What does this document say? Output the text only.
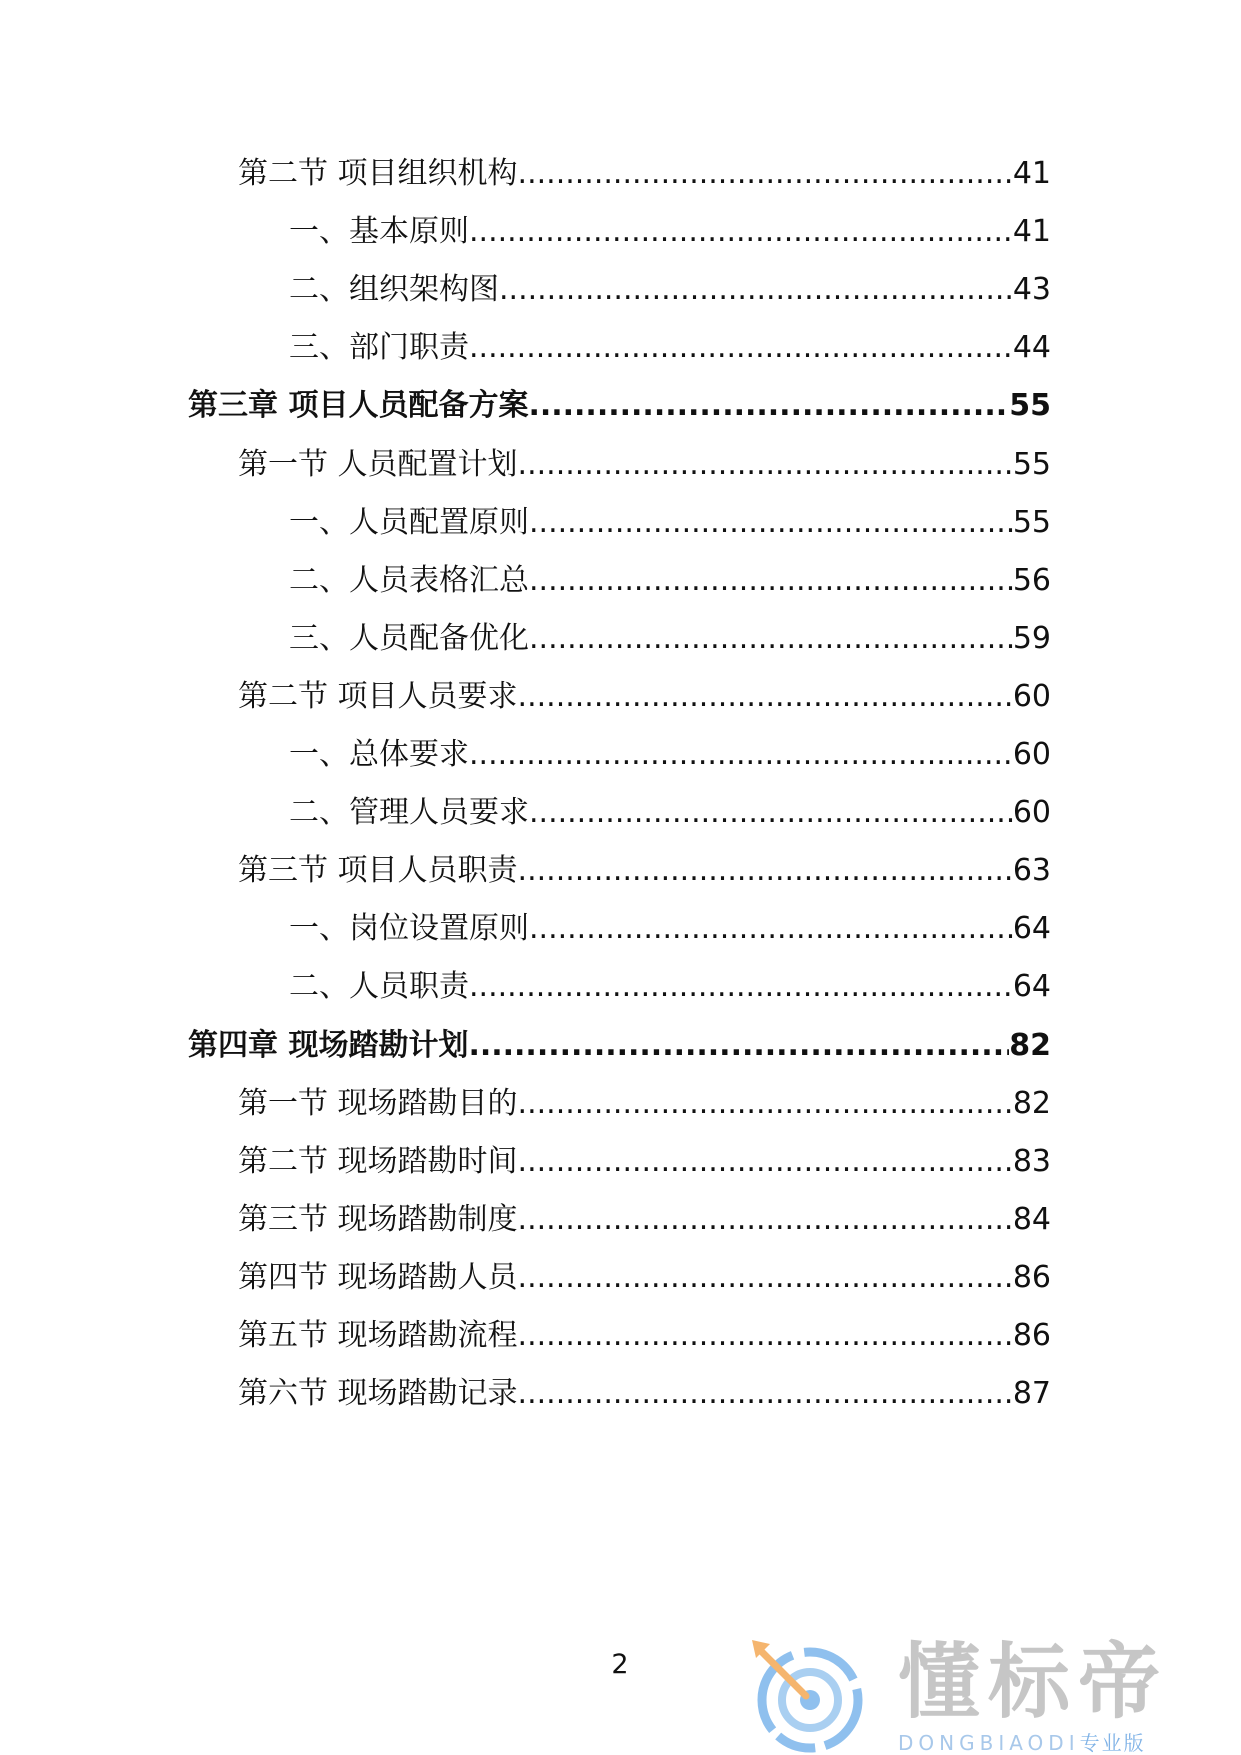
第二节 项目组织机构 .....	41
一、基本原则 .....	41
二、组织架构图 .....	43
三、部门职责 .....	44
第三章 项目人员配备方案 .....	55
第一节 人员配置计划 .....	55
一、人员配置原则 .....	55
二、人员表格汇总 .....	56
三、人员配备优化 .....	59
第二节 项目人员要求 .....	60
一、总体要求 .....	60
二、管理人员要求 .....	60
第三节 项目人员职责 .....	63
一、岗位设置原则 .....	64
二、人员职责 .....	64
第四章 现场踏勘计划 .....	82
第一节 现场踏勘目的 .....	82
第二节 现场踏勘时间 .....	83
第三节 现场踏勘制度 .....	84
第四节 现场踏勘人员 .....	86
第五节 现场踏勘流程 .....	86
第六节 现场踏勘记录 .....	87
2	懂标帝
DONGBIAODI专业版
